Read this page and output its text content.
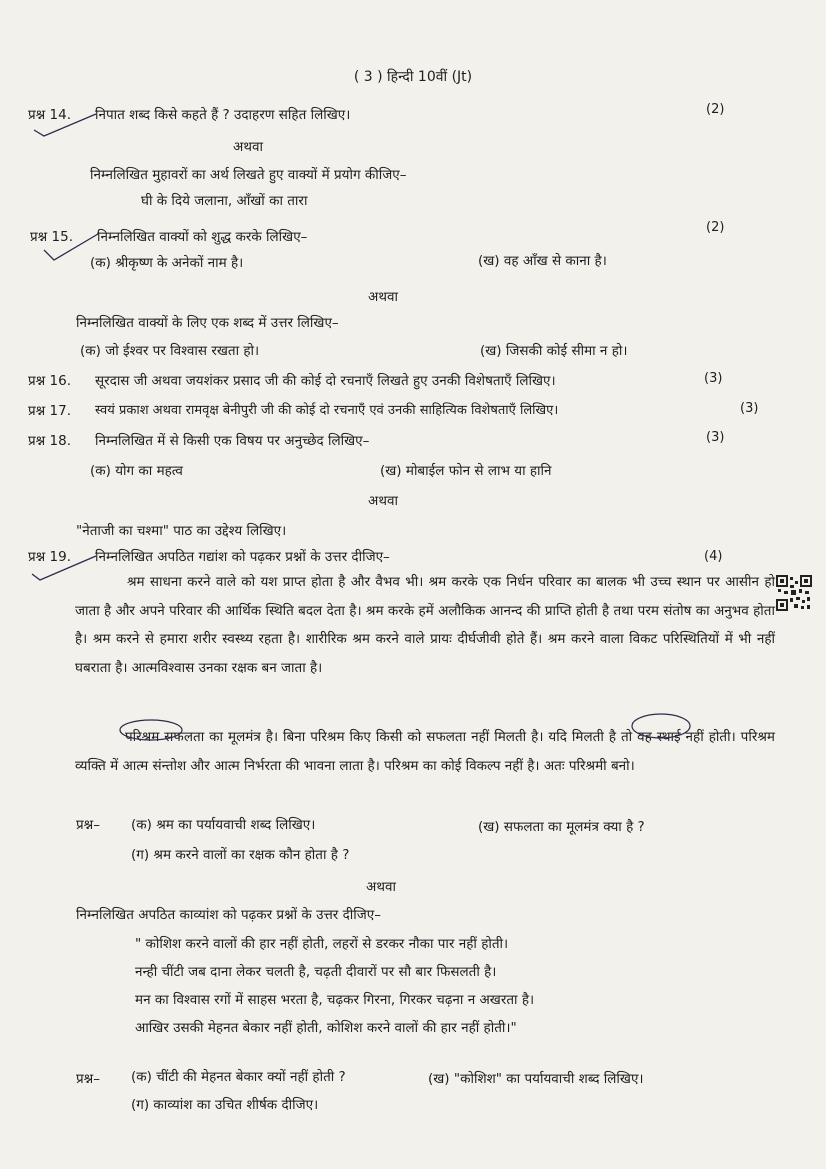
( 3 ) हिन्दी 10वीं (Jt)
प्रश्न 14. निपात शब्द किसे कहते हैं ? उदाहरण सहित लिखिए।	(2)
अथवा
निम्नलिखित मुहावरों का अर्थ लिखते हुए वाक्यों में प्रयोग कीजिए–
घी के दिये जलाना, आँखों का तारा
प्रश्न 15. निम्नलिखित वाक्यों को शुद्ध करके लिखिए–
(2)
(क) श्रीकृष्ण के अनेकों नाम है।	(ख) वह आँख से काना है।
अथवा
निम्नलिखित वाक्यों के लिए एक शब्द में उत्तर लिखिए–
(क) जो ईश्वर पर विश्वास रखता हो।	(ख) जिसकी कोई सीमा न हो।
प्रश्न 16. सूरदास जी अथवा जयशंकर प्रसाद जी की कोई दो रचनाएँ लिखते हुए उनकी विशेषताएँ लिखिए।	(3)
प्रश्न 17. स्वयं प्रकाश अथवा रामवृक्ष बेनीपुरी जी की कोई दो रचनाएँ एवं उनकी साहित्यिक विशेषताएँ लिखिए।	(3)
प्रश्न 18. निम्नलिखित में से किसी एक विषय पर अनुच्छेद लिखिए–	(3)
(क) योग का महत्व	(ख) मोबाईल फोन से लाभ या हानि
अथवा
"नेताजी का चश्मा" पाठ का उद्देश्य लिखिए।
प्रश्न 19. निम्नलिखित अपठित गद्यांश को पढ़कर प्रश्नों के उत्तर दीजिए–	(4)
श्रम साधना करने वाले को यश प्राप्त होता है और वैभव भी। श्रम करके एक निर्धन परिवार का बालक भी उच्च स्थान पर आसीन हो जाता है और अपने परिवार की आर्थिक स्थिति बदल देता है। श्रम करके हमें अलौकिक आनन्द की प्राप्ति होती है तथा परम संतोष का अनुभव होता है। श्रम करने से हमारा शरीर स्वस्थ्य रहता है। शारीरिक श्रम करने वाले प्रायः दीर्घजीवी होते हैं। श्रम करने वाला विकट परिस्थितियों में भी नहीं घबराता है। आत्मविश्वास उनका रक्षक बन जाता है।
परिश्रम सफलता का मूलमंत्र है। बिना परिश्रम किए किसी को सफलता नहीं मिलती है। यदि मिलती है तो वह स्थाई नहीं होती। परिश्रम व्यक्ति में आत्म संन्तोश और आत्म निर्भरता की भावना लाता है। परिश्रम का कोई विकल्प नहीं है। अतः परिश्रमी बनो।
प्रश्न– (क) श्रम का पर्यायवाची शब्द लिखिए।	(ख) सफलता का मूलमंत्र क्या है ?
(ग) श्रम करने वालों का रक्षक कौन होता है ?
अथवा
निम्नलिखित अपठित काव्यांश को पढ़कर प्रश्नों के उत्तर दीजिए–
" कोशिश करने वालों की हार नहीं होती, लहरों से डरकर नौका पार नहीं होती।
नन्ही चींटी जब दाना लेकर चलती है, चढ़ती दीवारों पर सौ बार फिसलती है।
मन का विश्वास रगों में साहस भरता है, चढ़कर गिरना, गिरकर चढ़ना न अखरता है।
आखिर उसकी मेहनत बेकार नहीं होती, कोशिश करने वालों की हार नहीं होती।"
प्रश्न– (क) चींटी की मेहनत बेकार क्यों नहीं होती ?	(ख) "कोशिश" का पर्यायवाची शब्द लिखिए।
(ग) काव्यांश का उचित शीर्षक दीजिए।
